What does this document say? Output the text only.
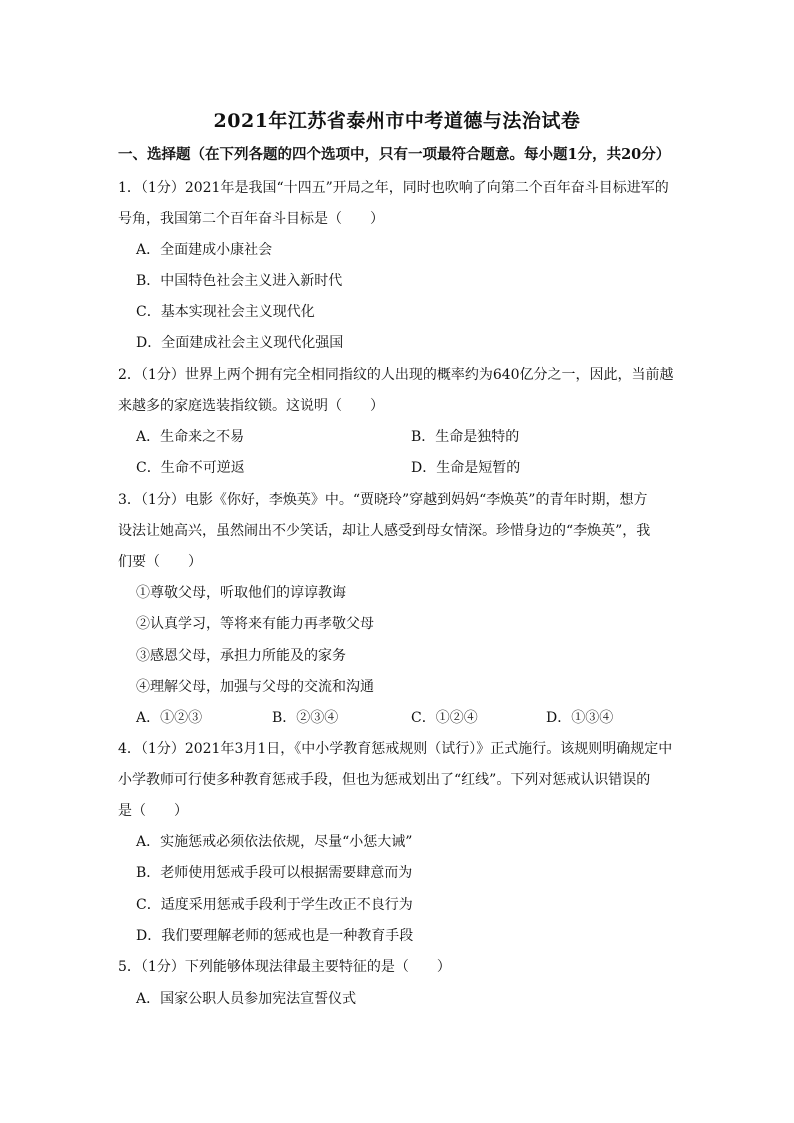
2021年江苏省泰州市中考道德与法治试卷
一、选择题（在下列各题的四个选项中，只有一项最符合题意。每小题1分，共20分）
1．（1分）2021年是我国“十四五”开局之年，同时也吹响了向第二个百年奋斗目标进军的
号角，我国第二个百年奋斗目标是（　　）
A．全面建成小康社会
B．中国特色社会主义进入新时代
C．基本实现社会主义现代化
D．全面建成社会主义现代化强国
2．（1分）世界上两个拥有完全相同指纹的人出现的概率约为640亿分之一，因此，当前越
来越多的家庭选装指纹锁。这说明（　　）
A．生命来之不易	B．生命是独特的
C．生命不可逆返	D．生命是短暂的
3．（1分）电影《你好，李焕英》中。“贾晓玲”穿越到妈妈“李焕英”的青年时期，想方
设法让她高兴，虽然闹出不少笑话，却让人感受到母女情深。珍惜身边的“李焕英”，我
们要（　　）
①尊敬父母，听取他们的谆谆教诲
②认真学习，等将来有能力再孝敬父母
③感恩父母，承担力所能及的家务
④理解父母，加强与父母的交流和沟通
A．①②③	B．②③④	C．①②④	D．①③④
4．（1分）2021年3月1日，《中小学教育惩戒规则（试行）》正式施行。该规则明确规定中
小学教师可行使多种教育惩戒手段，但也为惩戒划出了“红线”。下列对惩戒认识错误的
是（　　）
A．实施惩戒必须依法依规，尽量“小惩大诫”
B．老师使用惩戒手段可以根据需要肆意而为
C．适度采用惩戒手段利于学生改正不良行为
D．我们要理解老师的惩戒也是一种教育手段
5．（1分）下列能够体现法律最主要特征的是（　　）
A．国家公职人员参加宪法宣誓仪式
